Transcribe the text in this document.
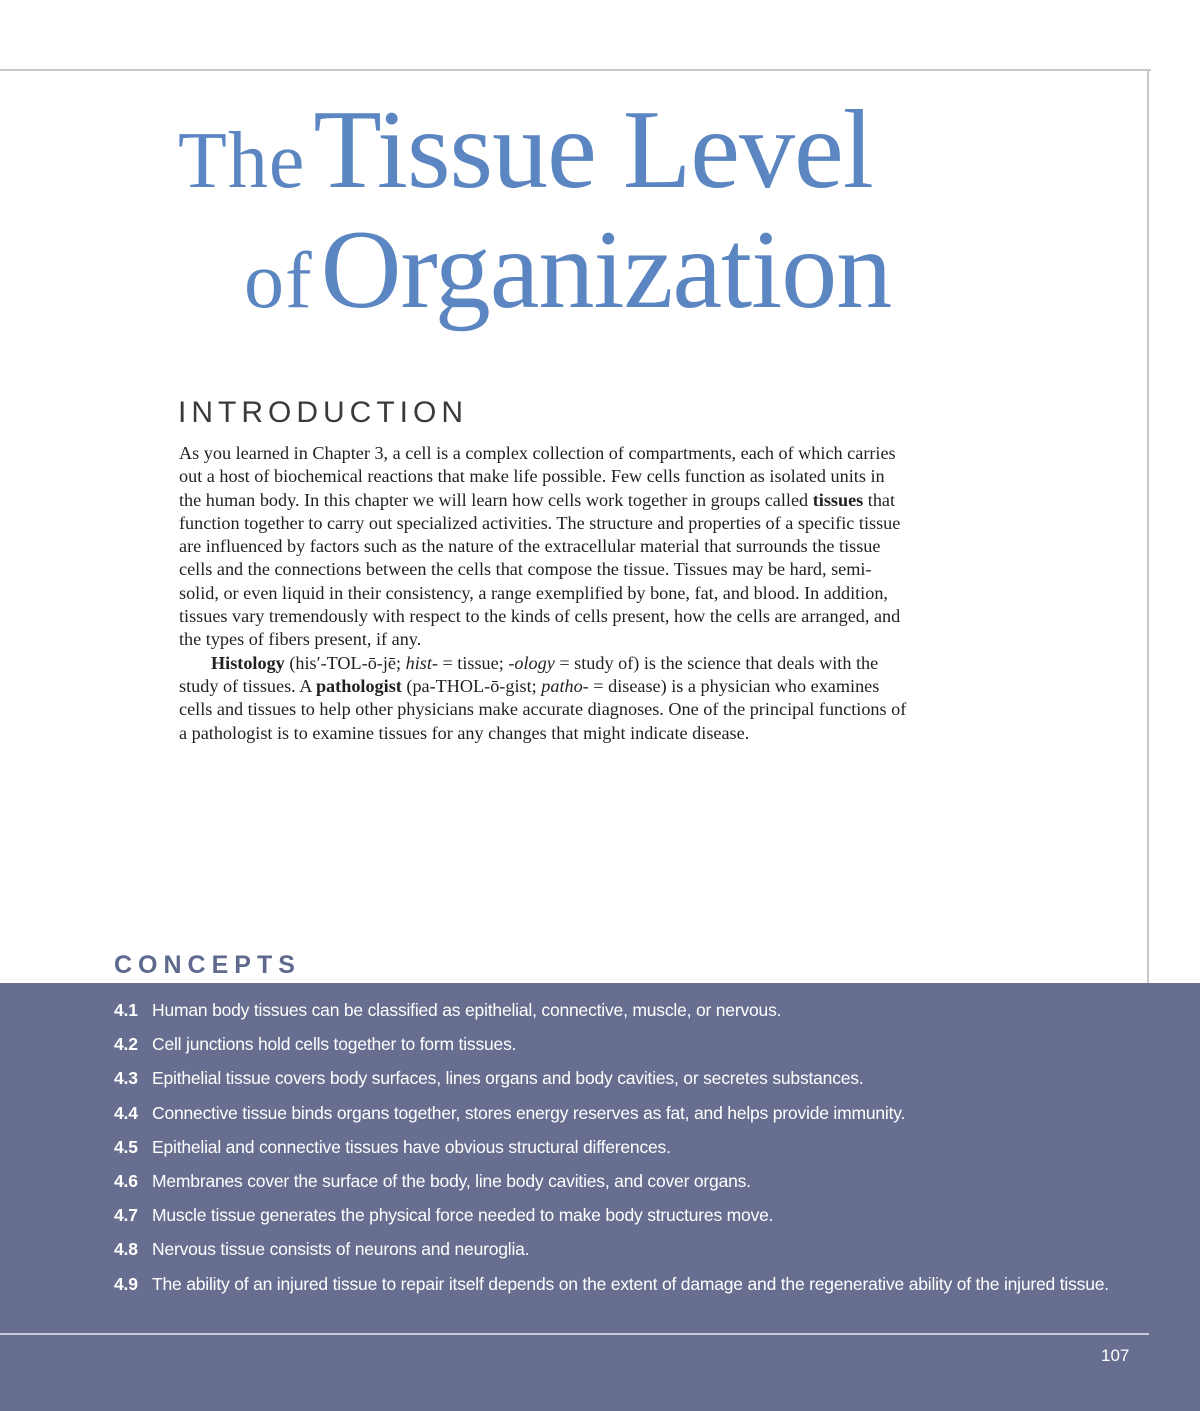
The Tissue Level
of Organization
INTRODUCTION

As you learned in Chapter 3, a cell is a complex collection of compartments, each of which carries out a host of biochemical reactions that make life possible. Few cells function as isolated units in the human body. In this chapter we will learn how cells work together in groups called tissues that function together to carry out specialized activities. The structure and properties of a specific tissue are influenced by factors such as the nature of the extracellular material that surrounds the tissue cells and the connections between the cells that compose the tissue. Tissues may be hard, semi-solid, or even liquid in their consistency, a range exemplified by bone, fat, and blood. In addition, tissues vary tremendously with respect to the kinds of cells present, how the cells are arranged, and the types of fibers present, if any.

Histology (his′-TOL-ō-jē; hist- = tissue; -ology = study of) is the science that deals with the study of tissues. A pathologist (pa-THOL-ō-gist; patho- = disease) is a physician who examines cells and tissues to help other physicians make accurate diagnoses. One of the principal functions of a pathologist is to examine tissues for any changes that might indicate disease.

CONCEPTS
4.1 Human body tissues can be classified as epithelial, connective, muscle, or nervous.
4.2 Cell junctions hold cells together to form tissues.
4.3 Epithelial tissue covers body surfaces, lines organs and body cavities, or secretes substances.
4.4 Connective tissue binds organs together, stores energy reserves as fat, and helps provide immunity.
4.5 Epithelial and connective tissues have obvious structural differences.
4.6 Membranes cover the surface of the body, line body cavities, and cover organs.
4.7 Muscle tissue generates the physical force needed to make body structures move.
4.8 Nervous tissue consists of neurons and neuroglia.
4.9 The ability of an injured tissue to repair itself depends on the extent of damage and the regenerative ability of the injured tissue.
107
